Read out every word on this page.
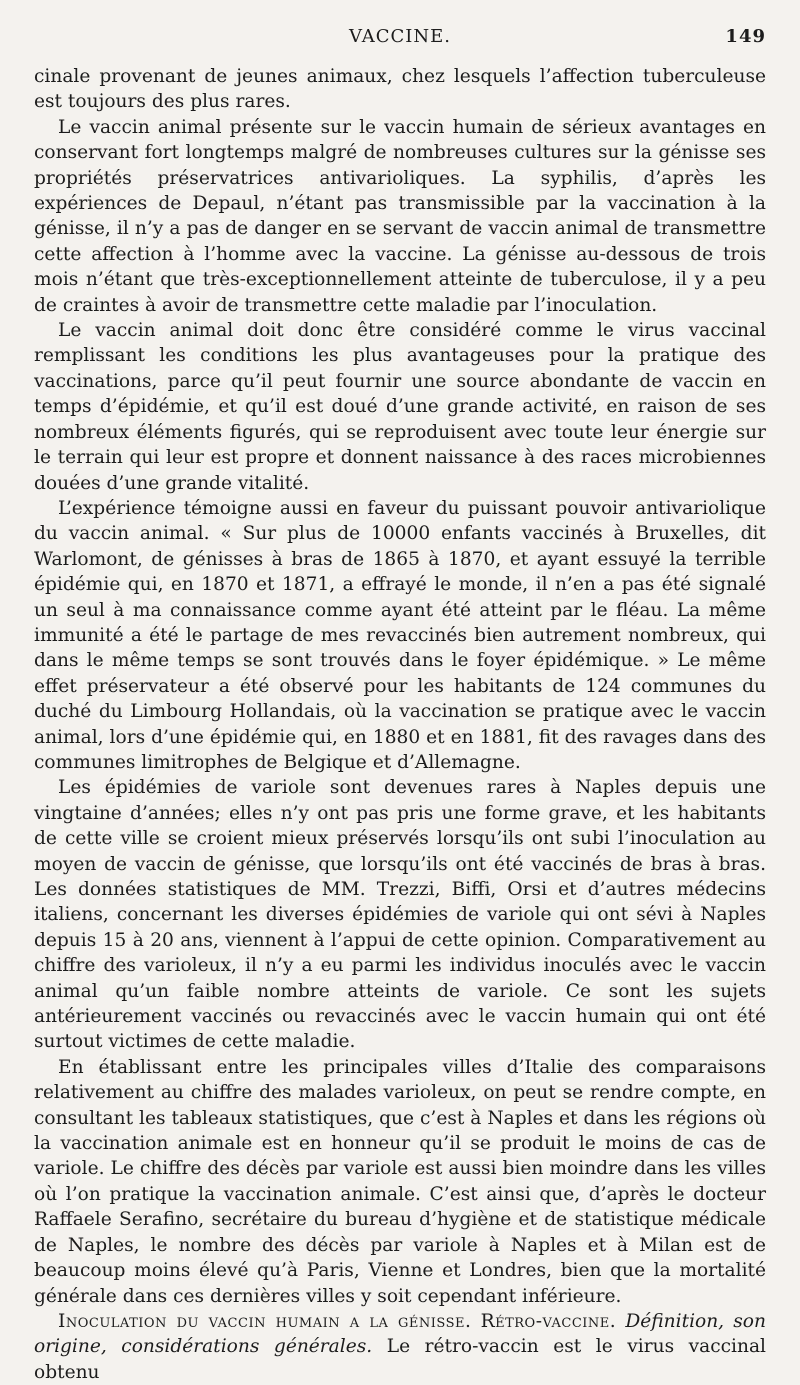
VACCINE.	149

cinale provenant de jeunes animaux, chez lesquels l’affection tuberculeuse est toujours des plus rares.

Le vaccin animal présente sur le vaccin humain de sérieux avantages en conservant fort longtemps malgré de nombreuses cultures sur la génisse ses propriétés préservatrices antivarioliques. La syphilis, d’après les expériences de Depaul, n’étant pas transmissible par la vaccination à la génisse, il n’y a pas de danger en se servant de vaccin animal de transmettre cette affection à l’homme avec la vaccine. La génisse au-dessous de trois mois n’étant que très-exceptionnellement atteinte de tuberculose, il y a peu de craintes à avoir de transmettre cette maladie par l’inoculation.

Le vaccin animal doit donc être considéré comme le virus vaccinal remplissant les conditions les plus avantageuses pour la pratique des vaccinations, parce qu’il peut fournir une source abondante de vaccin en temps d’épidémie, et qu’il est doué d’une grande activité, en raison de ses nombreux éléments figurés, qui se reproduisent avec toute leur énergie sur le terrain qui leur est propre et donnent naissance à des races microbiennes douées d’une grande vitalité.

L’expérience témoigne aussi en faveur du puissant pouvoir antivariolique du vaccin animal. « Sur plus de 10000 enfants vaccinés à Bruxelles, dit Warlomont, de génisses à bras de 1865 à 1870, et ayant essuyé la terrible épidémie qui, en 1870 et 1871, a effrayé le monde, il n’en a pas été signalé un seul à ma connaissance comme ayant été atteint par le fléau. La même immunité a été le partage de mes revaccinés bien autrement nombreux, qui dans le même temps se sont trouvés dans le foyer épidémique. » Le même effet préservateur a été observé pour les habitants de 124 communes du duché du Limbourg Hollandais, où la vaccination se pratique avec le vaccin animal, lors d’une épidémie qui, en 1880 et en 1881, fit des ravages dans des communes limitrophes de Belgique et d’Allemagne.

Les épidémies de variole sont devenues rares à Naples depuis une vingtaine d’années; elles n’y ont pas pris une forme grave, et les habitants de cette ville se croient mieux préservés lorsqu’ils ont subi l’inoculation au moyen de vaccin de génisse, que lorsqu’ils ont été vaccinés de bras à bras. Les données statistiques de MM. Trezzi, Biffi, Orsi et d’autres médecins italiens, concernant les diverses épidémies de variole qui ont sévi à Naples depuis 15 à 20 ans, viennent à l’appui de cette opinion. Comparativement au chiffre des varioleux, il n’y a eu parmi les individus inoculés avec le vaccin animal qu’un faible nombre atteints de variole. Ce sont les sujets antérieurement vaccinés ou revaccinés avec le vaccin humain qui ont été surtout victimes de cette maladie.

En établissant entre les principales villes d’Italie des comparaisons relativement au chiffre des malades varioleux, on peut se rendre compte, en consultant les tableaux statistiques, que c’est à Naples et dans les régions où la vaccination animale est en honneur qu’il se produit le moins de cas de variole. Le chiffre des décès par variole est aussi bien moindre dans les villes où l’on pratique la vaccination animale. C’est ainsi que, d’après le docteur Raffaele Serafino, secrétaire du bureau d’hygiène et de statistique médicale de Naples, le nombre des décès par variole à Naples et à Milan est de beaucoup moins élevé qu’à Paris, Vienne et Londres, bien que la mortalité générale dans ces dernières villes y soit cependant inférieure.

Inoculation du vaccin humain a la génisse. Rétro-vaccine. Définition, son origine, considérations générales. Le rétro-vaccin est le virus vaccinal obtenu
